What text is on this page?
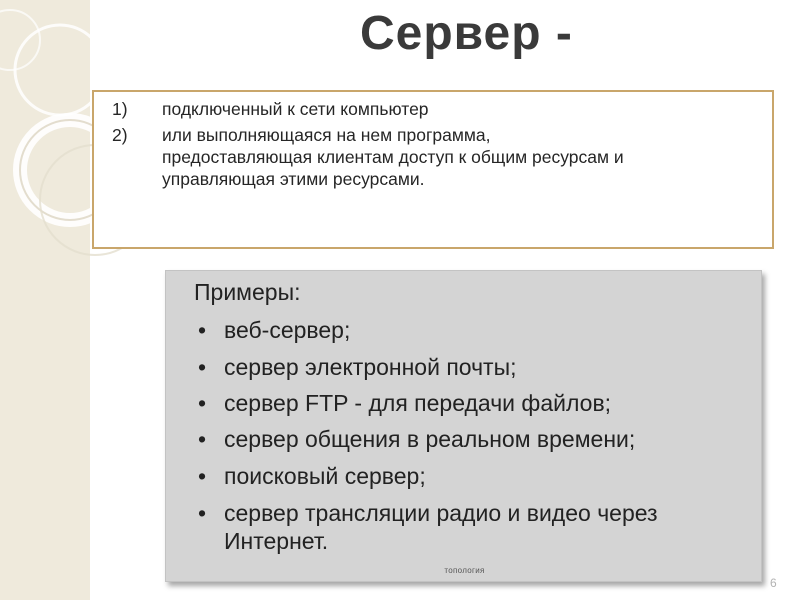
Сервер -
1) подключенный к сети компьютер
2) или выполняющаяся на нем программа,
предоставляющая клиентам доступ к общим ресурсам и
управляющая этими ресурсами.
Примеры:
• веб-сервер;
• сервер электронной почты;
• сервер FTP - для передачи файлов;
• сервер общения в реальном времени;
• поисковый сервер;
• сервер трансляции радио и видео через
Интернет.
топология
6
